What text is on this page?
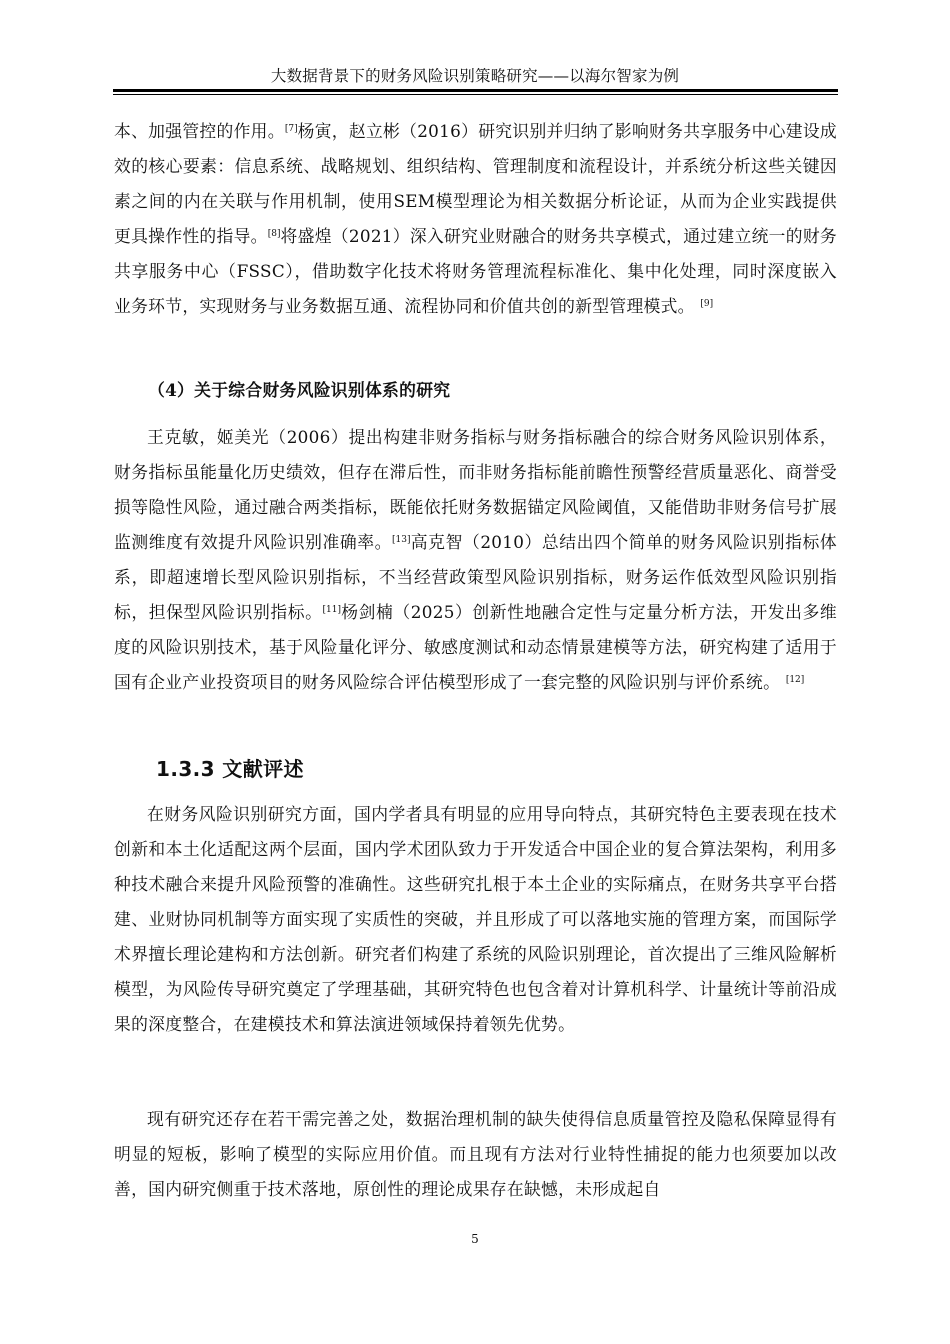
大数据背景下的财务风险识别策略研究——以海尔智家为例

本、加强管控的作用。[7]杨寅，赵立彬（2016）研究识别并归纳了影响财务共享服务中心建设成效的核心要素：信息系统、战略规划、组织结构、管理制度和流程设计，并系统分析这些关键因素之间的内在关联与作用机制，使用SEM模型理论为相关数据分析论证，从而为企业实践提供更具操作性的指导。[8]将盛煌（2021）深入研究业财融合的财务共享模式，通过建立统一的财务共享服务中心（FSSC），借助数字化技术将财务管理流程标准化、集中化处理，同时深度嵌入业务环节，实现财务与业务数据互通、流程协同和价值共创的新型管理模式。 [9]

（4）关于综合财务风险识别体系的研究

王克敏，姬美光（2006）提出构建非财务指标与财务指标融合的综合财务风险识别体系，财务指标虽能量化历史绩效，但存在滞后性，而非财务指标能前瞻性预警经营质量恶化、商誉受损等隐性风险，通过融合两类指标，既能依托财务数据锚定风险阈值，又能借助非财务信号扩展监测维度有效提升风险识别准确率。[13]高克智（2010）总结出四个简单的财务风险识别指标体系，即超速增长型风险识别指标，不当经营政策型风险识别指标，财务运作低效型风险识别指标，担保型风险识别指标。[11]杨剑楠（2025）创新性地融合定性与定量分析方法，开发出多维度的风险识别技术，基于风险量化评分、敏感度测试和动态情景建模等方法，研究构建了适用于国有企业产业投资项目的财务风险综合评估模型形成了一套完整的风险识别与评价系统。 [12]

1.3.3 文献评述

在财务风险识别研究方面，国内学者具有明显的应用导向特点，其研究特色主要表现在技术创新和本土化适配这两个层面，国内学术团队致力于开发适合中国企业的复合算法架构，利用多种技术融合来提升风险预警的准确性。这些研究扎根于本土企业的实际痛点，在财务共享平台搭建、业财协同机制等方面实现了实质性的突破，并且形成了可以落地实施的管理方案，而国际学术界擅长理论建构和方法创新。研究者们构建了系统的风险识别理论，首次提出了三维风险解析模型，为风险传导研究奠定了学理基础，其研究特色也包含着对计算机科学、计量统计等前沿成果的深度整合，在建模技术和算法演进领域保持着领先优势。

现有研究还存在若干需完善之处，数据治理机制的缺失使得信息质量管控及隐私保障显得有明显的短板，影响了模型的实际应用价值。而且现有方法对行业特性捕捉的能力也须要加以改善，国内研究侧重于技术落地，原创性的理论成果存在缺憾，未形成起自

5
